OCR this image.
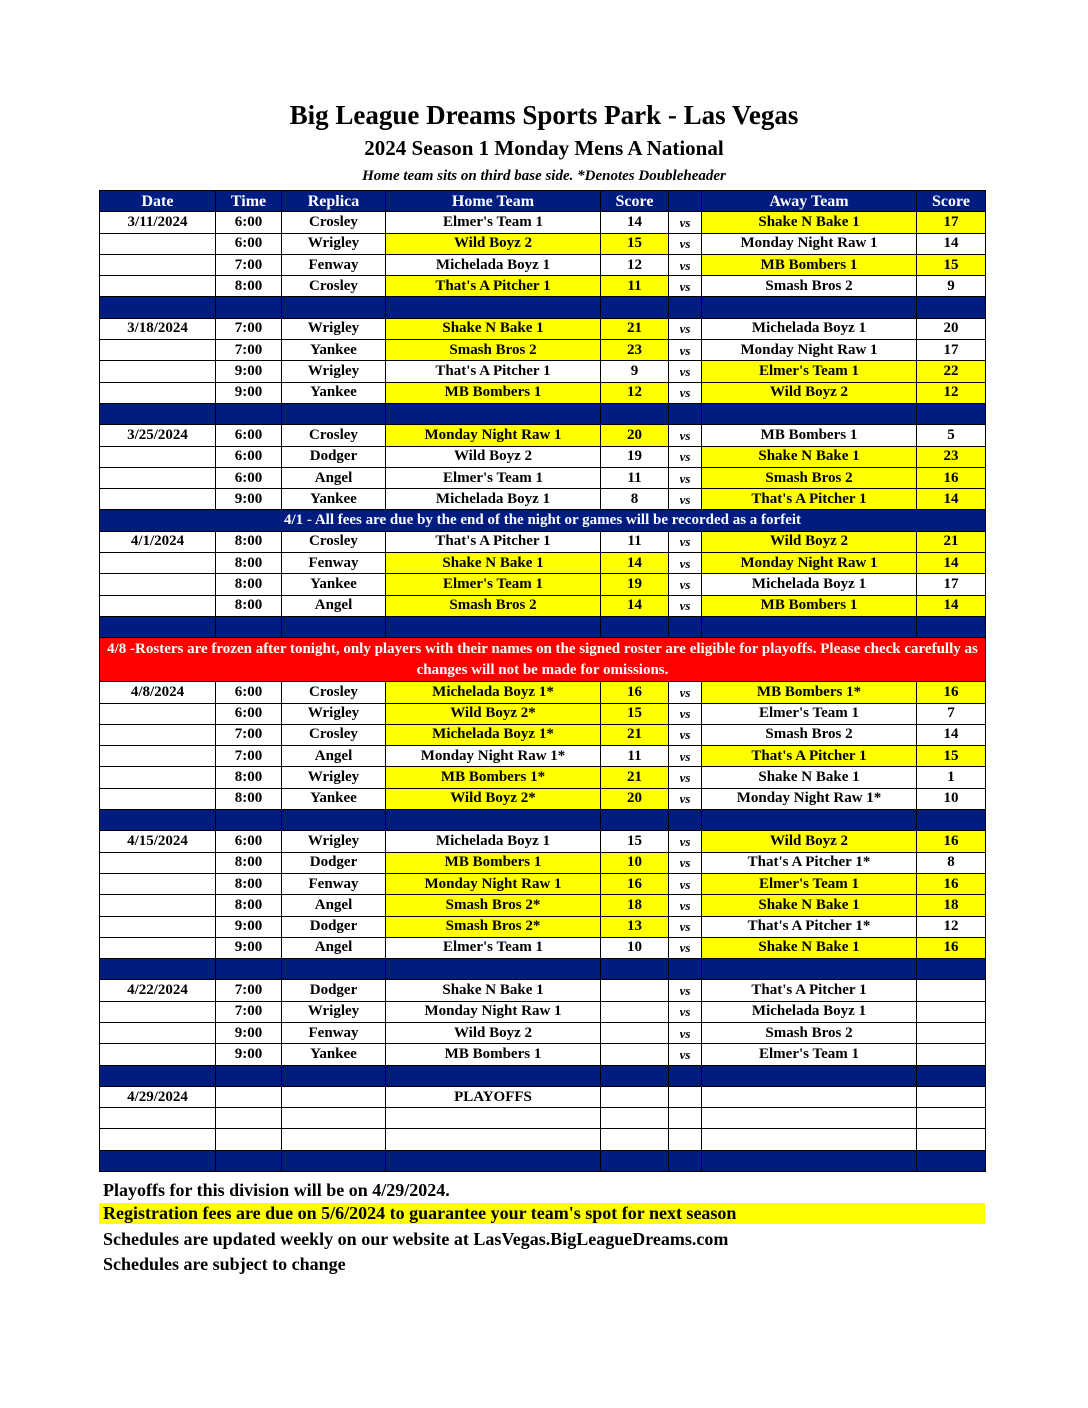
Big League Dreams Sports Park - Las Vegas
2024 Season 1 Monday Mens A National
Home team sits on third base side. *Denotes Doubleheader
Date	Time	Replica	Home Team	Score		Away Team	Score
3/11/2024	6:00	Crosley	Elmer's Team 1	14	vs	Shake N Bake 1	17
	6:00	Wrigley	Wild Boyz 2	15	vs	Monday Night Raw 1	14
	7:00	Fenway	Michelada Boyz 1	12	vs	MB Bombers 1	15
	8:00	Crosley	That's A Pitcher 1	11	vs	Smash Bros 2	9

3/18/2024	7:00	Wrigley	Shake N Bake 1	21	vs	Michelada Boyz 1	20
	7:00	Yankee	Smash Bros 2	23	vs	Monday Night Raw 1	17
	9:00	Wrigley	That's A Pitcher 1	9	vs	Elmer's Team 1	22
	9:00	Yankee	MB Bombers 1	12	vs	Wild Boyz 2	12

3/25/2024	6:00	Crosley	Monday Night Raw 1	20	vs	MB Bombers 1	5
	6:00	Dodger	Wild Boyz 2	19	vs	Shake N Bake 1	23
	6:00	Angel	Elmer's Team 1	11	vs	Smash Bros 2	16
	9:00	Yankee	Michelada Boyz 1	8	vs	That's A Pitcher 1	14
4/1 - All fees are due by the end of the night or games will be recorded as a forfeit							
4/1/2024	8:00	Crosley	That's A Pitcher 1	11	vs	Wild Boyz 2	21
	8:00	Fenway	Shake N Bake 1	14	vs	Monday Night Raw 1	14
	8:00	Yankee	Elmer's Team 1	19	vs	Michelada Boyz 1	17
	8:00	Angel	Smash Bros 2	14	vs	MB Bombers 1	14

4/8 -Rosters are frozen after tonight, only players with their names on the signed roster are eligible for playoffs. Please check carefully as changes will not be made for omissions.							
4/8/2024	6:00	Crosley	Michelada Boyz 1*	16	vs	MB Bombers 1*	16
	6:00	Wrigley	Wild Boyz 2*	15	vs	Elmer's Team 1	7
	7:00	Crosley	Michelada Boyz 1*	21	vs	Smash Bros 2	14
	7:00	Angel	Monday Night Raw 1*	11	vs	That's A Pitcher 1	15
	8:00	Wrigley	MB Bombers 1*	21	vs	Shake N Bake 1	1
	8:00	Yankee	Wild Boyz 2*	20	vs	Monday Night Raw 1*	10

4/15/2024	6:00	Wrigley	Michelada Boyz 1	15	vs	Wild Boyz 2	16
	8:00	Dodger	MB Bombers 1	10	vs	That's A Pitcher 1*	8
	8:00	Fenway	Monday Night Raw 1	16	vs	Elmer's Team 1	16
	8:00	Angel	Smash Bros 2*	18	vs	Shake N Bake 1	18
	9:00	Dodger	Smash Bros 2*	13	vs	That's A Pitcher 1*	12
	9:00	Angel	Elmer's Team 1	10	vs	Shake N Bake 1	16

4/22/2024	7:00	Dodger	Shake N Bake 1		vs	That's A Pitcher 1	
	7:00	Wrigley	Monday Night Raw 1		vs	Michelada Boyz 1	
	9:00	Fenway	Wild Boyz 2		vs	Smash Bros 2	
	9:00	Yankee	MB Bombers 1		vs	Elmer's Team 1	

4/29/2024			PLAYOFFS				

Playoffs for this division will be on 4/29/2024.
Registration fees are due on 5/6/2024 to guarantee your team's spot for next season
Schedules are updated weekly on our website at LasVegas.BigLeagueDreams.com
Schedules are subject to change
